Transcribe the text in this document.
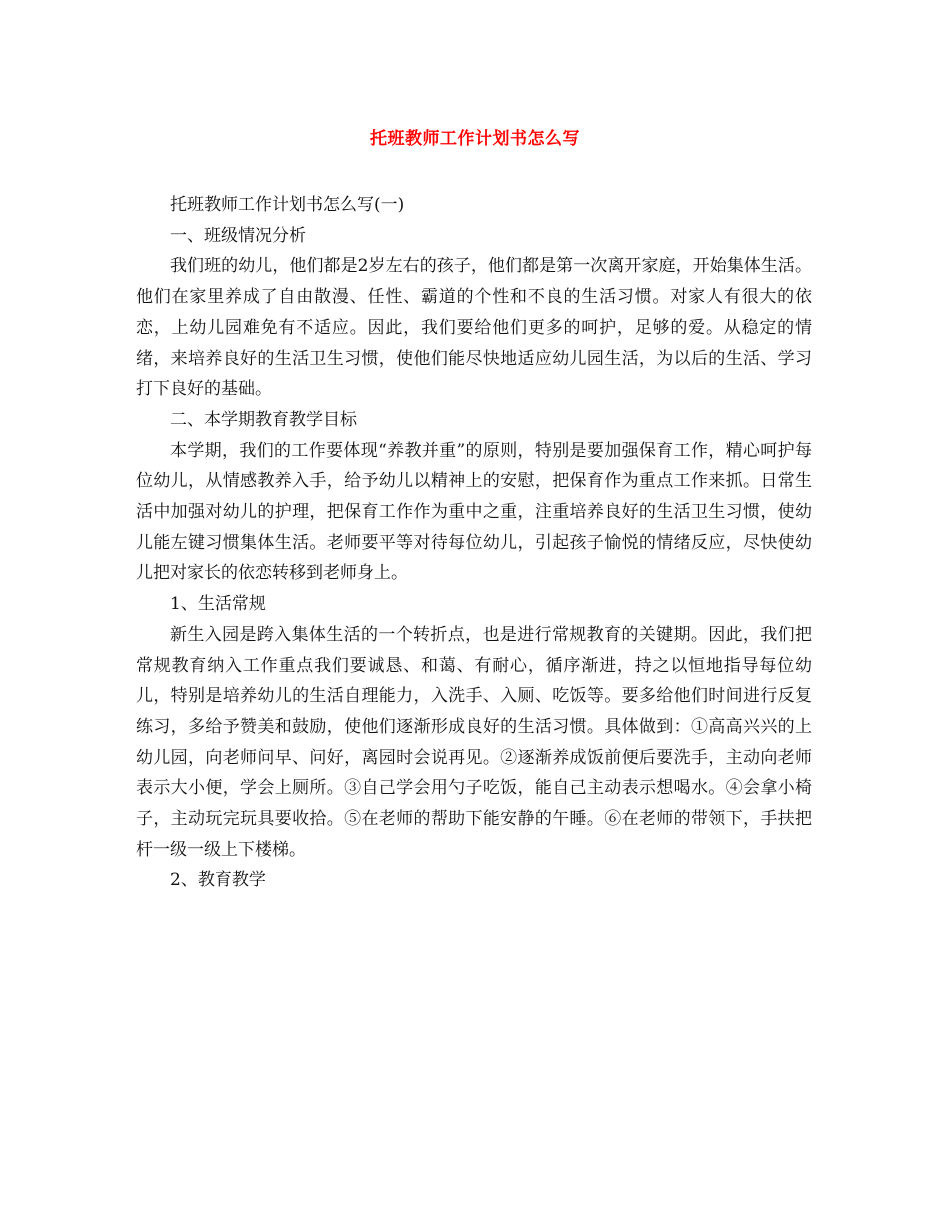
托班教师工作计划书怎么写

托班教师工作计划书怎么写(一)

一、班级情况分析

我们班的幼儿，他们都是2岁左右的孩子，他们都是第一次离开家庭，开始集体生活。他们在家里养成了自由散漫、任性、霸道的个性和不良的生活习惯。对家人有很大的依恋，上幼儿园难免有不适应。因此，我们要给他们更多的呵护，足够的爱。从稳定的情绪，来培养良好的生活卫生习惯，使他们能尽快地适应幼儿园生活，为以后的生活、学习打下良好的基础。

二、本学期教育教学目标

本学期，我们的工作要体现“养教并重”的原则，特别是要加强保育工作，精心呵护每位幼儿，从情感教养入手，给予幼儿以精神上的安慰，把保育作为重点工作来抓。日常生活中加强对幼儿的护理，把保育工作作为重中之重，注重培养良好的生活卫生习惯，使幼儿能左键习惯集体生活。老师要平等对待每位幼儿，引起孩子愉悦的情绪反应，尽快使幼儿把对家长的依恋转移到老师身上。

1、生活常规

新生入园是跨入集体生活的一个转折点，也是进行常规教育的关键期。因此，我们把常规教育纳入工作重点我们要诚恳、和蔼、有耐心，循序渐进，持之以恒地指导每位幼儿，特别是培养幼儿的生活自理能力，入洗手、入厕、吃饭等。要多给他们时间进行反复练习，多给予赞美和鼓励，使他们逐渐形成良好的生活习惯。具体做到：①高高兴兴的上幼儿园，向老师问早、问好，离园时会说再见。②逐渐养成饭前便后要洗手，主动向老师表示大小便，学会上厕所。③自己学会用勺子吃饭，能自己主动表示想喝水。④会拿小椅子，主动玩完玩具要收拾。⑤在老师的帮助下能安静的午睡。⑥在老师的带领下，手扶把杆一级一级上下楼梯。

2、教育教学
